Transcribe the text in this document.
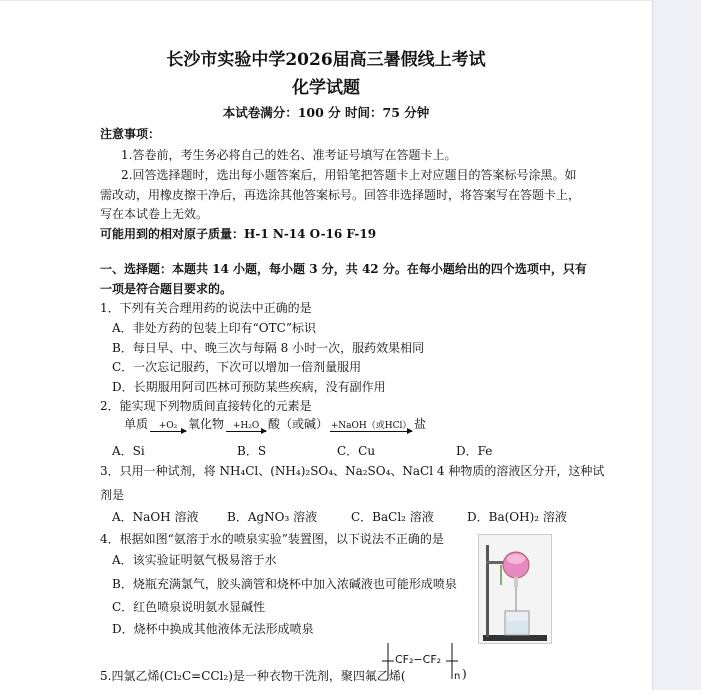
长沙市实验中学2026届高三暑假线上考试
化学试题
本试卷满分：100 分 时间：75 分钟
注意事项：
1.答卷前，考生务必将自己的姓名、准考证号填写在答题卡上。
2.回答选择题时，选出每小题答案后，用铅笔把答题卡上对应题目的答案标号涂黑。如
需改动，用橡皮擦干净后，再选涂其他答案标号。回答非选择题时，将答案写在答题卡上，
写在本试卷上无效。
可能用到的相对原子质量：H-1 N-14 O-16 F-19
一、选择题：本题共 14 小题，每小题 3 分，共 42 分。在每小题给出的四个选项中，只有
一项是符合题目要求的。
1．下列有关合理用药的说法中正确的是
A．非处方药的包装上印有“OTC”标识
B．每日早、中、晚三次与每隔 8 小时一次，服药效果相同
C．一次忘记服药，下次可以增加一倍剂量服用
D．长期服用阿司匹林可预防某些疾病，没有副作用
2．能实现下列物质间直接转化的元素是
单质 +O₂ 氧化物 +H₂O 酸（或碱） +NaOH（或HCl） 盐
A．Si	B．S	C．Cu	D．Fe
3．只用一种试剂，将 NH₄Cl、(NH₄)₂SO₄、Na₂SO₄、NaCl 4 种物质的溶液区分开，这种试
剂是
A．NaOH 溶液 B．AgNO₃ 溶液	C．BaCl₂ 溶液	D．Ba(OH)₂ 溶液
4．根据如图“氨溶于水的喷泉实验”装置图，以下说法不正确的是
A．该实验证明氨气极易溶于水
B．烧瓶充满氯气，胶头滴管和烧杯中加入浓碱液也可能形成喷泉
C．红色喷泉说明氨水显碱性
D．烧杯中换成其他液体无法形成喷泉
5.四氯乙烯(Cl₂C=CCl₂)是一种衣物干洗剂，聚四氟乙烯(
CF₂−CF₂
n )
